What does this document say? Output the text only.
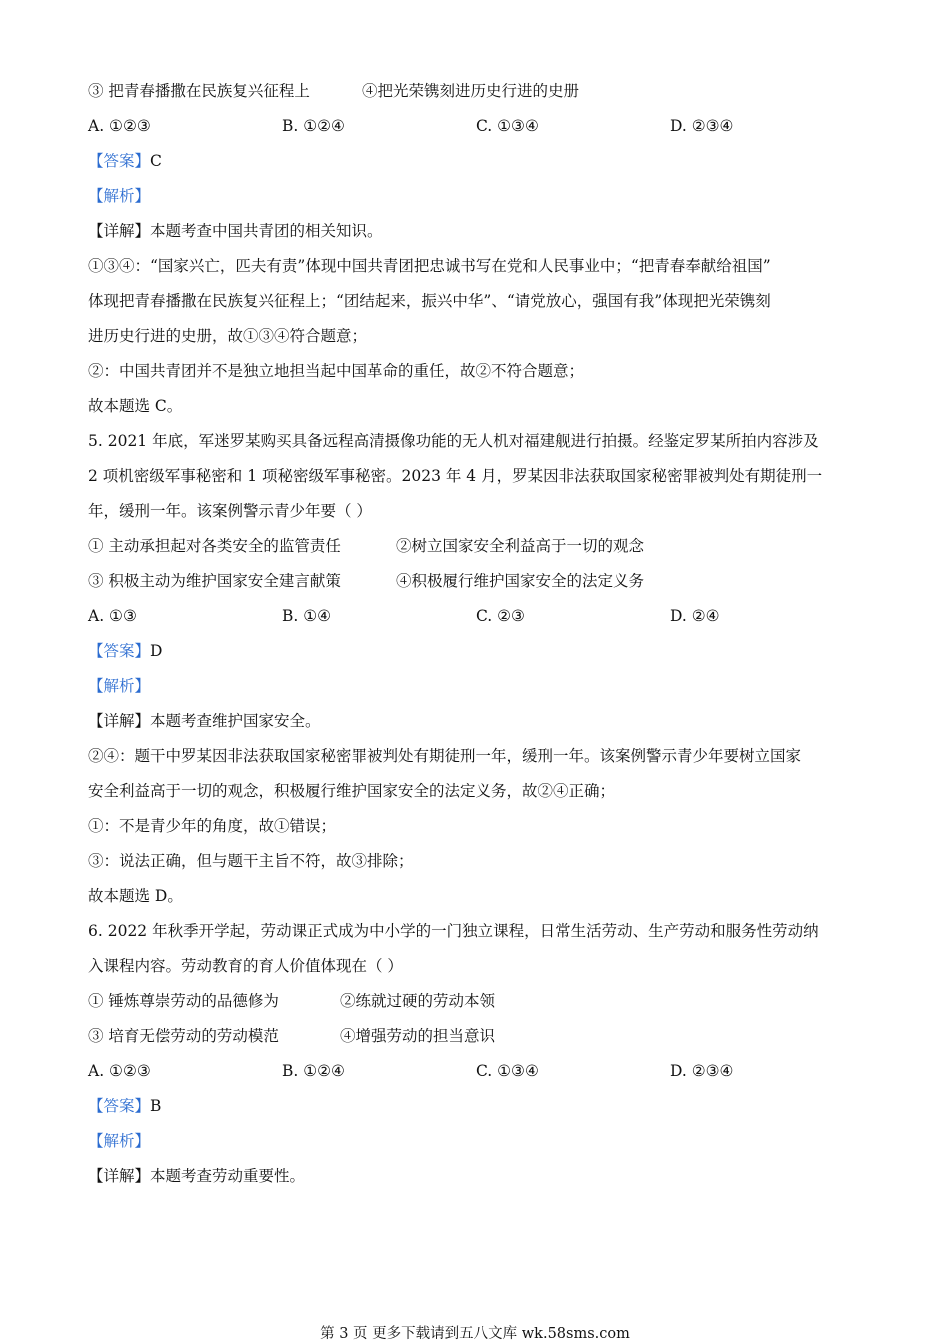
③ 把青春播撒在民族复兴征程上	④把光荣镌刻进历史行进的史册
A. ①②③	B. ①②④	C. ①③④	D. ②③④
【答案】C
【解析】
【详解】本题考查中国共青团的相关知识。
①③④：“国家兴亡，匹夫有责”体现中国共青团把忠诚书写在党和人民事业中；“把青春奉献给祖国”
体现把青春播撒在民族复兴征程上；“团结起来，振兴中华”、“请党放心，强国有我”体现把光荣镌刻
进历史行进的史册，故①③④符合题意；
②：中国共青团并不是独立地担当起中国革命的重任，故②不符合题意；
故本题选 C。
5. 2021 年底，军迷罗某购买具备远程高清摄像功能的无人机对福建舰进行拍摄。经鉴定罗某所拍内容涉及
2 项机密级军事秘密和 1 项秘密级军事秘密。2023 年 4 月，罗某因非法获取国家秘密罪被判处有期徒刑一
年，缓刑一年。该案例警示青少年要（ ）
① 主动承担起对各类安全的监管责任	②树立国家安全利益高于一切的观念
③ 积极主动为维护国家安全建言献策	④积极履行维护国家安全的法定义务
A. ①③	B. ①④	C. ②③	D. ②④
【答案】D
【解析】
【详解】本题考查维护国家安全。
②④：题干中罗某因非法获取国家秘密罪被判处有期徒刑一年，缓刑一年。该案例警示青少年要树立国家
安全利益高于一切的观念，积极履行维护国家安全的法定义务，故②④正确；
①：不是青少年的角度，故①错误；
③：说法正确，但与题干主旨不符，故③排除；
故本题选 D。
6. 2022 年秋季开学起，劳动课正式成为中小学的一门独立课程，日常生活劳动、生产劳动和服务性劳动纳
入课程内容。劳动教育的育人价值体现在（ ）
① 锤炼尊崇劳动的品德修为	②练就过硬的劳动本领
③ 培育无偿劳动的劳动模范	④增强劳动的担当意识
A. ①②③	B. ①②④	C. ①③④	D. ②③④
【答案】B
【解析】
【详解】本题考查劳动重要性。
第 3 页 更多下载请到五八文库 wk.58sms.com
